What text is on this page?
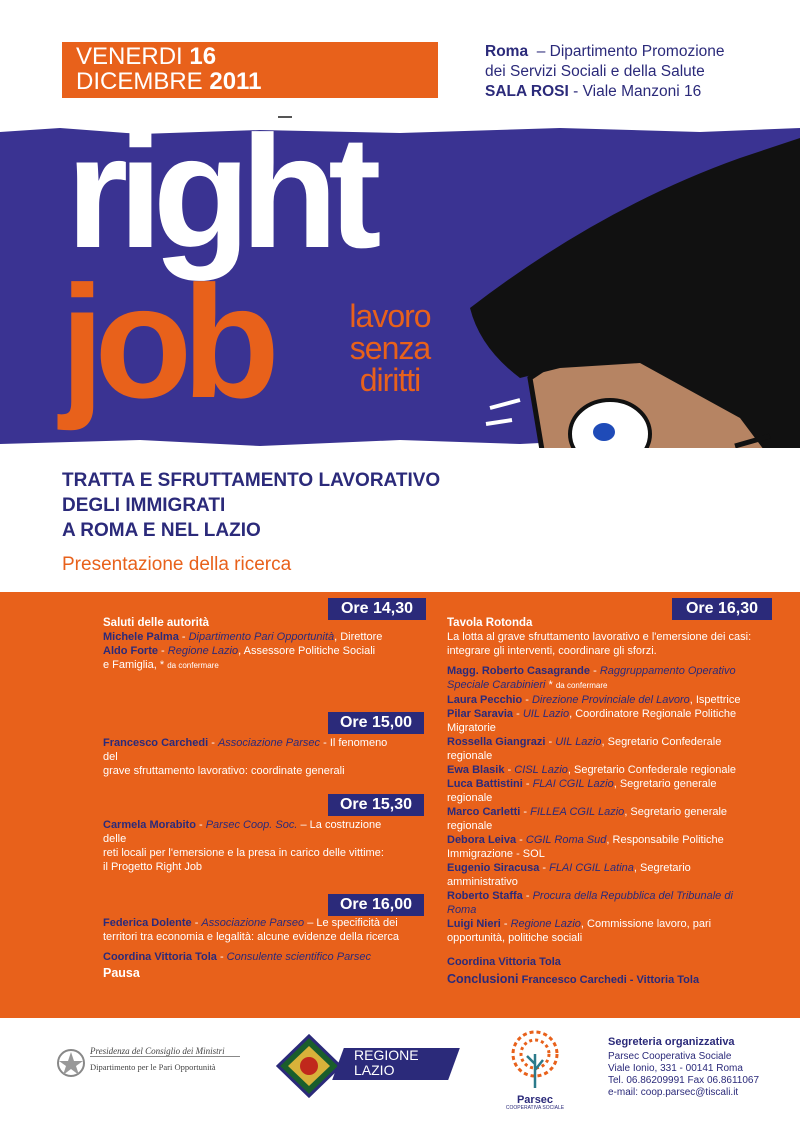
VENERDI 16
DICEMBRE 2011
Roma – Dipartimento Promozione
dei Servizi Sociali e della Salute
SALA ROSI - Viale Manzoni 16
right
job	lavoro
senza
diritti
TRATTA E SFRUTTAMENTO LAVORATIVO
DEGLI IMMIGRATI
A ROMA E NEL LAZIO
Presentazione della ricerca
Ore 14,30
Saluti delle autorità
Michele Palma - Dipartimento Pari Opportunità, Direttore
Aldo Forte - Regione Lazio, Assessore Politiche Sociali
e Famiglia, * da confermare
Ore 15,00
Francesco Carchedi - Associazione Parsec - Il fenomeno del
grave sfruttamento lavorativo: coordinate generali
Ore 15,30
Carmela Morabito - Parsec Coop. Soc. – La costruzione delle
reti locali per l'emersione e la presa in carico delle vittime:
il Progetto Right Job
Ore 16,00
Federica Dolente - Associazione Parseo – Le specificità dei
territori tra economia e legalità: alcune evidenze della ricerca
Coordina Vittoria Tola - Consulente scientifico Parsec
Pausa
Ore 16,30
Tavola Rotonda
La lotta al grave sfruttamento lavorativo e l'emersione dei casi:
integrare gli interventi, coordinare gli sforzi.
Magg. Roberto Casagrande - Raggruppamento Operativo
Speciale Carabinieri * da confermare
Laura Pecchio - Direzione Provinciale del Lavoro, Ispettrice
Pilar Saravia - UIL Lazio, Coordinatore Regionale Politiche
Migratorie
Rossella Giangrazi - UIL Lazio, Segretario Confederale
regionale
Ewa Blasik - CISL Lazio, Segretario Confederale regionale
Luca Battistini - FLAI CGIL Lazio, Segretario generale
regionale
Marco Carletti - FILLEA CGIL Lazio, Segretario generale
regionale
Debora Leiva - CGIL Roma Sud, Responsabile Politiche
Immigrazione - SOL
Eugenio Siracusa - FLAI CGIL Latina, Segretario
amministrativo
Roberto Staffa - Procura della Repubblica del Tribunale di
Roma
Luigi Nieri - Regione Lazio, Commissione lavoro, pari
opportunità, politiche sociali
Coordina Vittoria Tola
Conclusioni Francesco Carchedi - Vittoria Tola
Presidenza del Consiglio dei Ministri
Dipartimento per le Pari Opportunità
REGIONE
LAZIO
Parsec
COOPERATIVA SOCIALE
Segreteria organizzativa
Parsec Cooperativa Sociale
Viale Ionio, 331 - 00141 Roma
Tel. 06.86209991 Fax 06.8611067
e-mail: coop.parsec@tiscali.it
